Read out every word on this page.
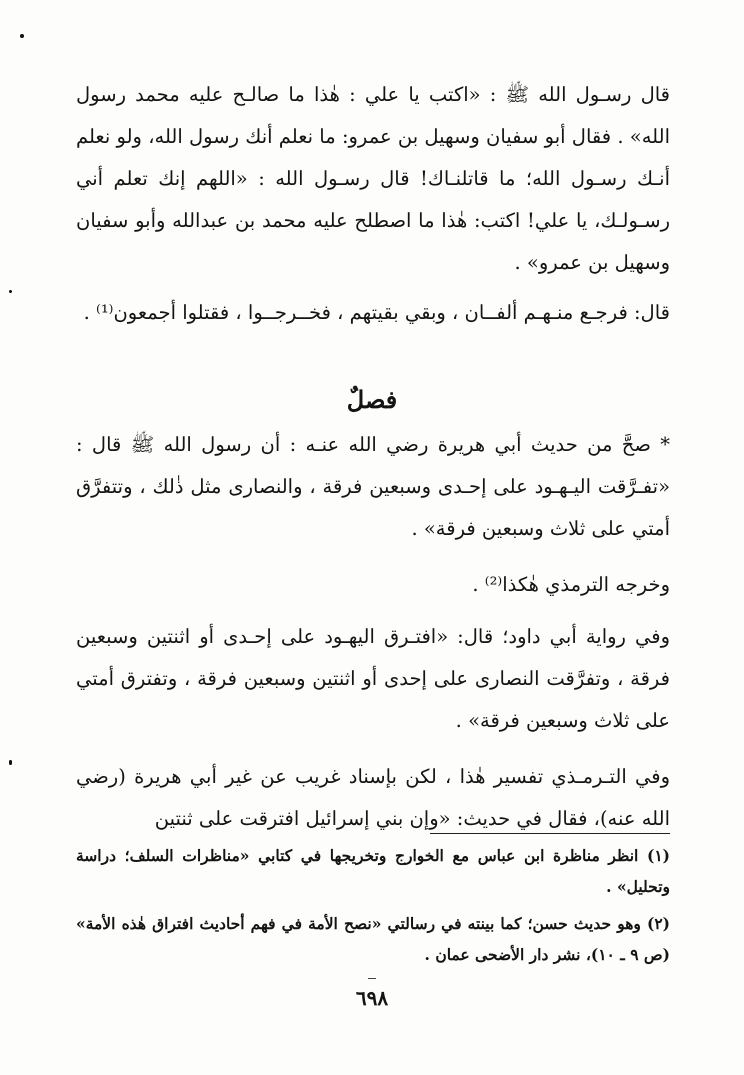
قال رسـول الله ﷺ : «اكتب يا علي : هٰذا ما صالـح عليه محمد رسول الله» . فقال أبو سفيان وسهيل بن عمرو: ما نعلم أنك رسول الله، ولو نعلم أنـك رسـول الله؛ ما قاتلنـاك! قال رسـول الله : «اللهم إنك تعلم أني رسـولـك، يا علي! اكتب: هٰذا ما اصطلح عليه محمد بن عبدالله وأبو سفيان وسهيل بن عمرو» .

قال: فرجـع منـهـم ألفــان ، وبقي بقيتهم ، فخــرجــوا ، فقتلوا أجمعون⁽¹⁾ .

فصلٌ

* صحَّ من حديث أبي هريرة رضي الله عنـه : أن رسول الله ﷺ قال : «تفـرَّقت اليـهـود على إحـدى وسبعين فرقة ، والنصارى مثل ذٰلك ، وتتفرَّق أمتي على ثلاث وسبعين فرقة» .

وخرجه الترمذي هٰكذا⁽²⁾ .

وفي رواية أبي داود؛ قال: «افتـرق اليهـود على إحـدى أو اثنتين وسبعين فرقة ، وتفرَّقت النصارى على إحدى أو اثنتين وسبعين فرقة ، وتفترق أمتي على ثلاث وسبعين فرقة» .

وفي التـرمـذي تفسير هٰذا ، لكن بإسناد غريب عن غير أبي هريرة (رضي الله عنه)، فقال في حديث: «وإن بني إسرائيل افترقت على ثنتين

(١) انظر مناظرة ابن عباس مع الخوارج وتخريجها في كتابي «مناظرات السلف؛ دراسة وتحليل» .

(٢) وهو حديث حسن؛ كما بينته في رسالتي «نصح الأمة في فهم أحاديث افتراق هٰذه الأمة» (ص ٩ ـ ١٠)، نشر دار الأضحى عمان .

٦٩٨
